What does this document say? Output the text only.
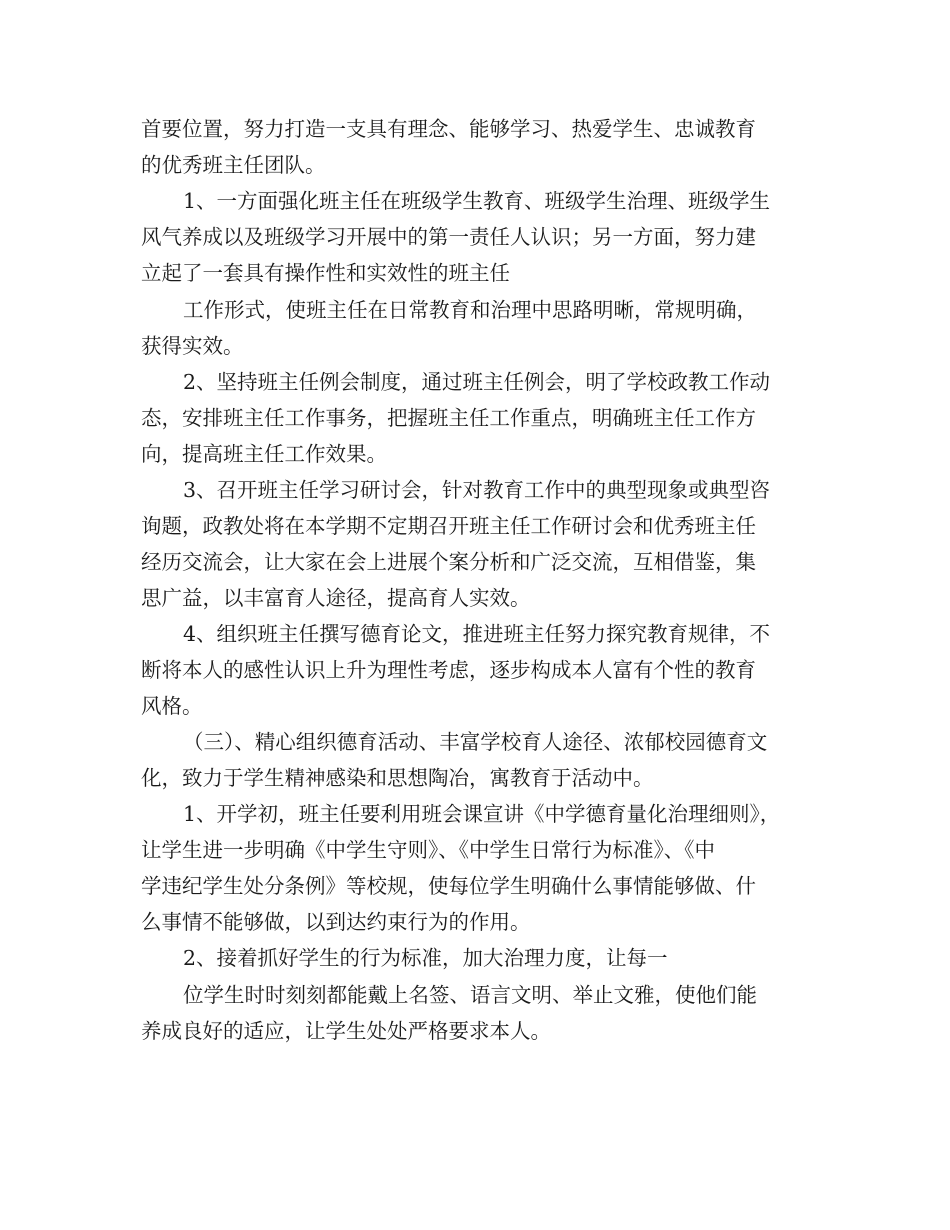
首要位置，努力打造一支具有理念、能够学习、热爱学生、忠诚教育
的优秀班主任团队。
1、一方面强化班主任在班级学生教育、班级学生治理、班级学生
风气养成以及班级学习开展中的第一责任人认识；另一方面，努力建
立起了一套具有操作性和实效性的班主任
工作形式，使班主任在日常教育和治理中思路明晰，常规明确，
获得实效。
2、坚持班主任例会制度，通过班主任例会，明了学校政教工作动
态，安排班主任工作事务，把握班主任工作重点，明确班主任工作方
向，提高班主任工作效果。
3、召开班主任学习研讨会，针对教育工作中的典型现象或典型咨
询题，政教处将在本学期不定期召开班主任工作研讨会和优秀班主任
经历交流会，让大家在会上进展个案分析和广泛交流，互相借鉴，集
思广益，以丰富育人途径，提高育人实效。
4、组织班主任撰写德育论文，推进班主任努力探究教育规律，不
断将本人的感性认识上升为理性考虑，逐步构成本人富有个性的教育
风格。
（三）、精心组织德育活动、丰富学校育人途径、浓郁校园德育文
化，致力于学生精神感染和思想陶冶，寓教育于活动中。
1、开学初，班主任要利用班会课宣讲《中学德育量化治理细则》，
让学生进一步明确《中学生守则》、《中学生日常行为标准》、《中
学违纪学生处分条例》等校规，使每位学生明确什么事情能够做、什
么事情不能够做，以到达约束行为的作用。
2、接着抓好学生的行为标准，加大治理力度，让每一
位学生时时刻刻都能戴上名签、语言文明、举止文雅，使他们能
养成良好的适应，让学生处处严格要求本人。
